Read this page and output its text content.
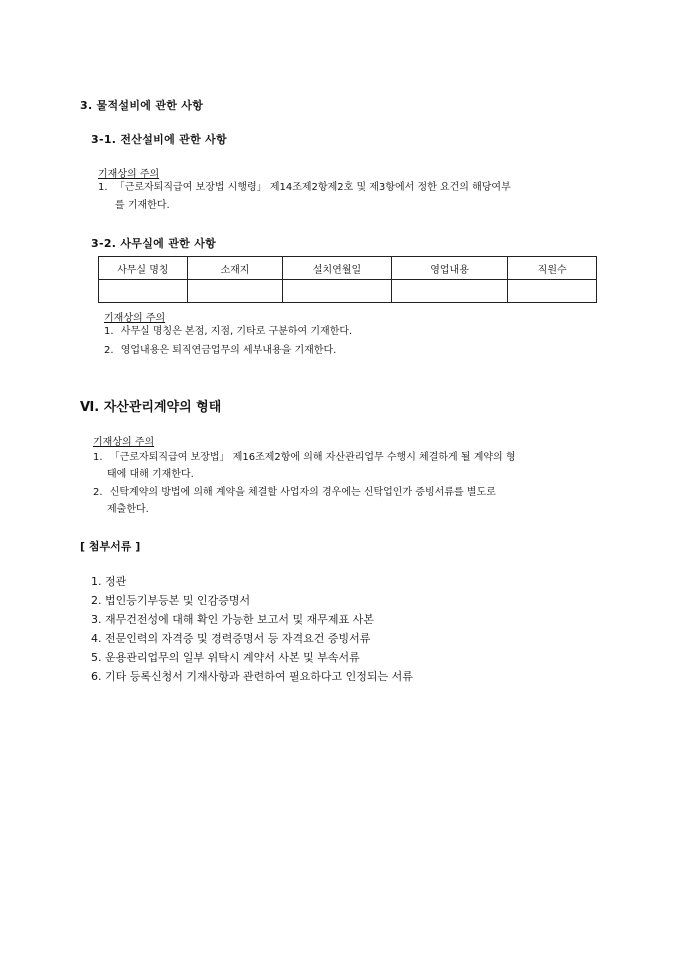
3. 물적설비에 관한 사항
3-1. 전산설비에 관한 사항
기재상의 주의
1. 「근로자퇴직급여 보장법 시행령」 제14조제2항제2호 및 제3항에서 정한 요건의 해당여부
를 기재한다.
3-2. 사무실에 관한 사항
사무실 명칭	소재지	설치연월일	영업내용	직원수

기재상의 주의
1. 사무실 명칭은 본점, 지점, 기타로 구분하여 기재한다.
2. 영업내용은 퇴직연금업무의 세부내용을 기재한다.
Ⅵ. 자산관리계약의 형태
기재상의 주의
1. 「근로자퇴직급여 보장법」 제16조제2항에 의해 자산관리업무 수행시 체결하게 될 계약의 형
태에 대해 기재한다.
2. 신탁계약의 방법에 의해 계약을 체결할 사업자의 경우에는 신탁업인가 증빙서류를 별도로
제출한다.
[ 첨부서류 ]
1. 정관
2. 법인등기부등본 및 인감증명서
3. 재무건전성에 대해 확인 가능한 보고서 및 재무제표 사본
4. 전문인력의 자격증 및 경력증명서 등 자격요건 증빙서류
5. 운용관리업무의 일부 위탁시 계약서 사본 및 부속서류
6. 기타 등록신청서 기재사항과 관련하여 필요하다고 인정되는 서류
